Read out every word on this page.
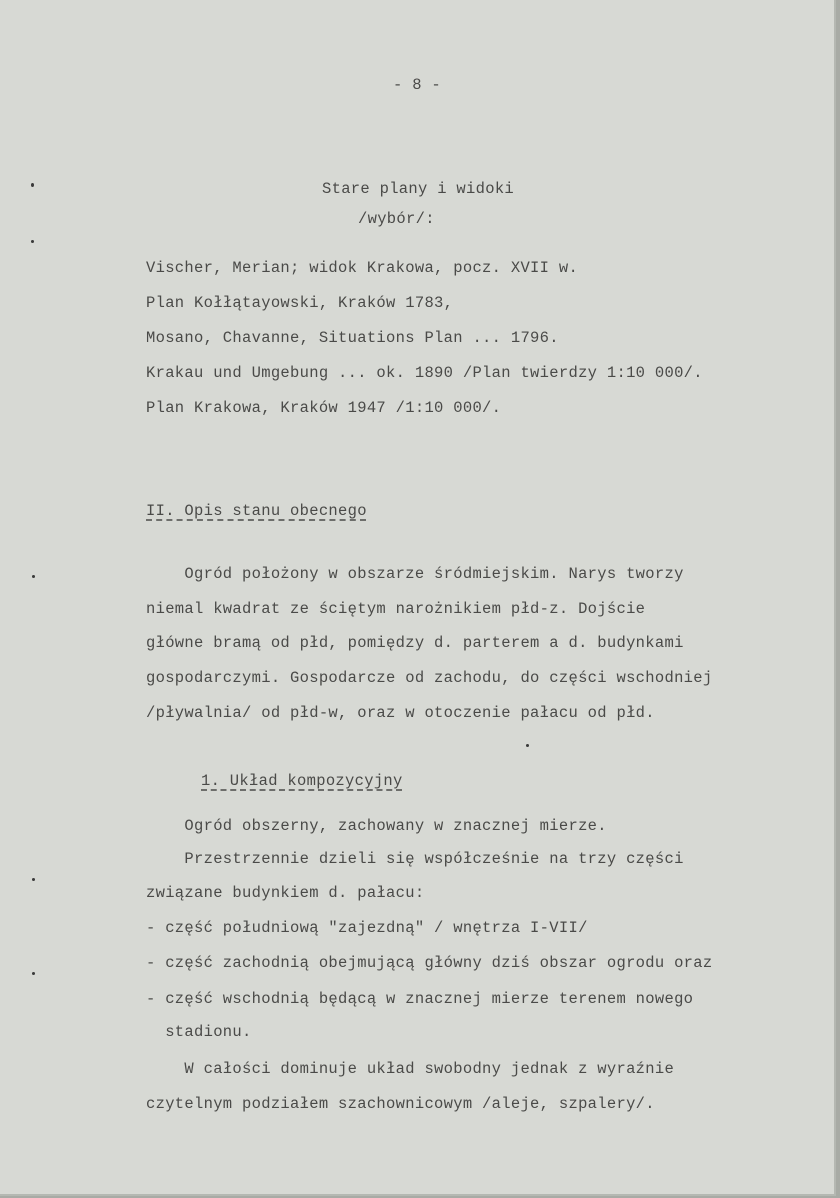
- 8 -
Stare plany i widoki
/wybór/:
Vischer, Merian; widok Krakowa, pocz. XVII w.
Plan Kołłątayowski, Kraków 1783,
Mosano, Chavanne, Situations Plan ... 1796.
Krakau und Umgebung ... ok. 1890 /Plan twierdzy 1:10 000/.
Plan Krakowa, Kraków 1947 /1:10 000/.
II. Opis stanu obecnego
Ogród położony w obszarze śródmiejskim. Narys tworzy
niemal kwadrat ze ściętym narożnikiem płd-z. Dojście
główne bramą od płd, pomiędzy d. parterem a d. budynkami
gospodarczymi. Gospodarcze od zachodu, do części wschodniej
/pływalnia/ od płd-w, oraz w otoczenie pałacu od płd.
1. Układ kompozycyjny
Ogród obszerny, zachowany w znacznej mierze.
Przestrzennie dzieli się współcześnie na trzy części
związane budynkiem d. pałacu:
- część południową "zajezdną" / wnętrza I-VII/
- część zachodnią obejmującą główny dziś obszar ogrodu oraz
- część wschodnią będącą w znacznej mierze terenem nowego
stadionu.
W całości dominuje układ swobodny jednak z wyraźnie
czytelnym podziałem szachownicowym /aleje, szpalery/.
